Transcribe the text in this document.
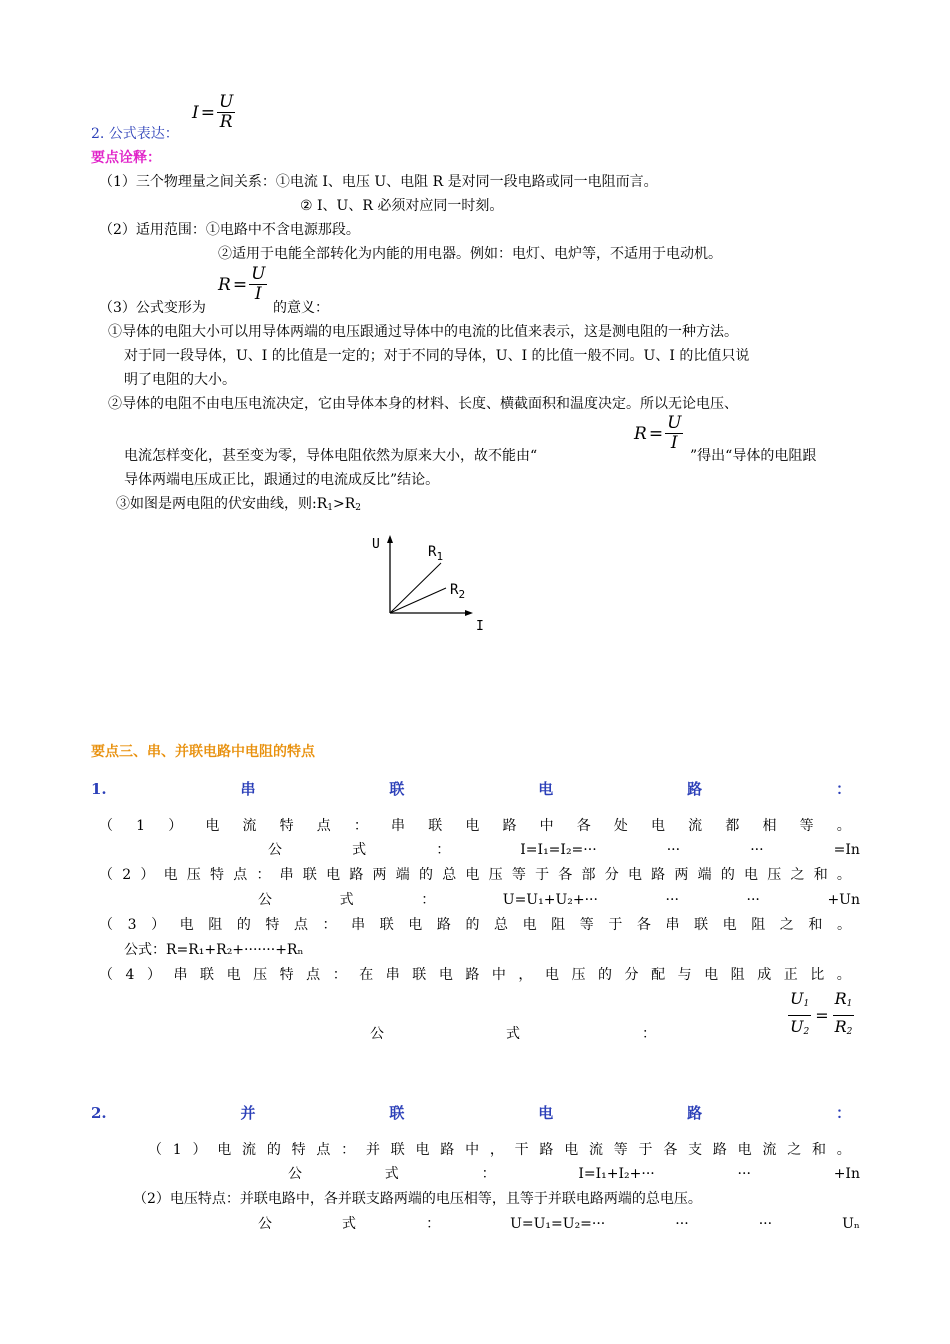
$I = \frac{U}{R}$
2. 公式表达：
要点诠释：
（1）三个物理量之间关系：①电流 I、电压 U、电阻 R 是对同一段电路或同一电阻而言。
② I、U、R 必须对应同一时刻。
（2）适用范围：①电路中不含电源那段。
②适用于电能全部转化为内能的用电器。例如：电灯、电炉等，不适用于电动机。
$R = \frac{U}{I}$
（3）公式变形为	的意义：
①导体的电阻大小可以用导体两端的电压跟通过导体中的电流的比值来表示，这是测电阻的一种方法。
对于同一段导体，U、I 的比值是一定的；对于不同的导体，U、I 的比值一般不同。U、I 的比值只说
明了电阻的大小。
②导体的电阻不由电压电流决定，它由导体本身的材料、长度、横截面积和温度决定。所以无论电压、
电流怎样变化，甚至变为零，导体电阻依然为原来大小，故不能由“
$R = \frac{U}{I}$
”得出“导体的电阻跟
导体两端电压成正比，跟通过的电流成反比”结论。
③如图是两电阻的伏安曲线，则$:R_1>R_2$
U
I
$R_1$
$R_2$
要点三、串、并联电路中电阻的特点
1.	串	联	电	路	：
（ 1 ） 电 流 特 点 ： 串 联 电 路 中 各 处 电 流 都 相 等 。
公	式	：	I=I₁=I₂=···	···	···	=In
（ 2 ） 电 压 特 点 ： 串 联 电 路 两 端 的 总 电 压 等 于 各 部 分 电 路 两 端 的 电 压 之 和 。
公	式	：	U=U₁+U₂+···	···	···	+Un
（ 3 ） 电 阻 的 特 点 ： 串 联 电 路 的 总 电 阻 等 于 各 串 联 电 阻 之 和 。
公式：R=R₁+R₂+·······+Rₙ
（ 4 ） 串 联 电 压 特 点 ： 在 串 联 电 路 中 ， 电 压 的 分 配 与 电 阻 成 正 比 。
公	式	：	$\frac{U_1}{U_2} = \frac{R_1}{R_2}$
2.	并	联	电	路	：
（ 1 ） 电 流 的 特 点 ： 并 联 电 路 中 ， 干 路 电 流 等 于 各 支 路 电 流 之 和 。
公	式	：	I=I₁+I₂+···	···	+In
（2）电压特点：并联电路中，各并联支路两端的电压相等，且等于并联电路两端的总电压。
公	式	：	U=U₁=U₂=···	···	···	Uₙ
